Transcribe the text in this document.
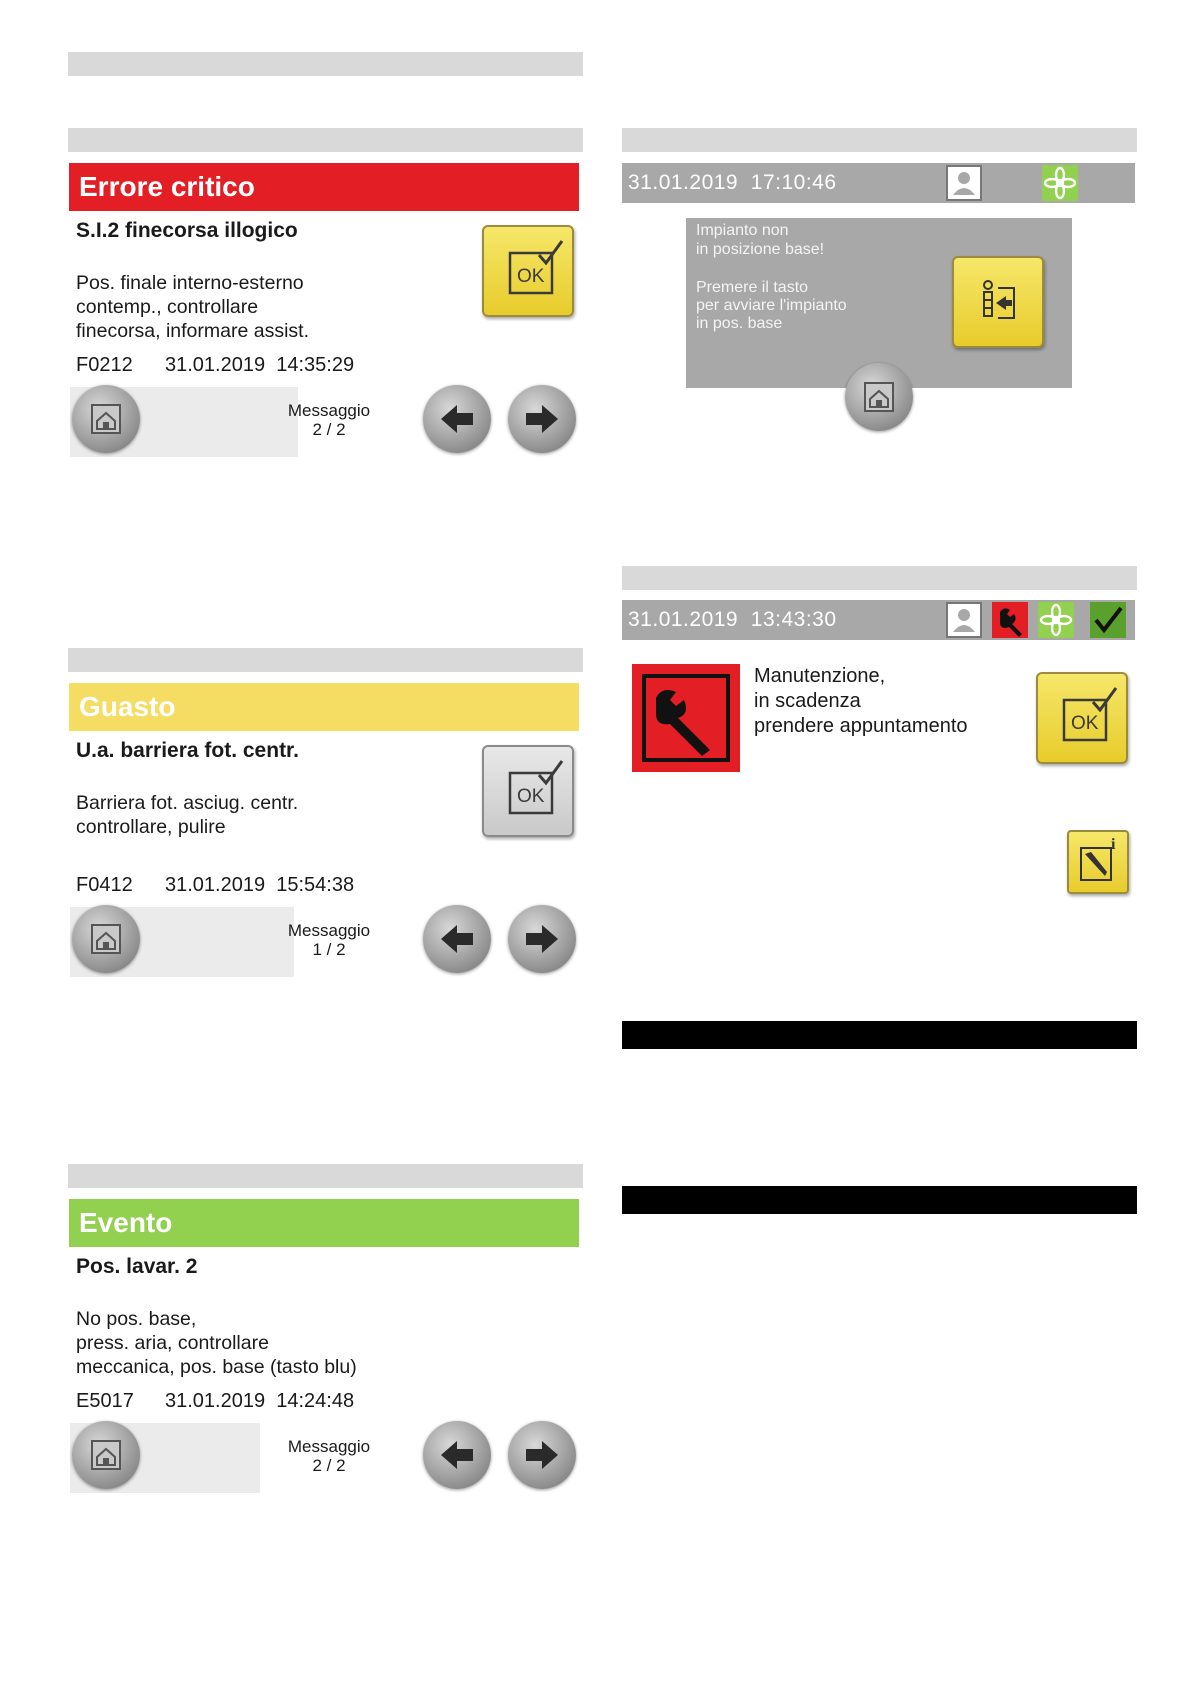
Errore critico
S.I.2 finecorsa illogico
Pos. finale interno-esterno
contemp., controllare
finecorsa, informare assist.
F0212 31.01.2019  14:35:29
Messaggio
2 / 2
OK
Guasto
U.a. barriera fot. centr.
Barriera fot. asciug. centr.
controllare, pulire
F0412 31.01.2019  15:54:38
Messaggio
1 / 2
OK
Evento
Pos. lavar. 2
No pos. base,
press. aria, controllare
meccanica, pos. base (tasto blu)
E5017 31.01.2019  14:24:48
Messaggio
2 / 2
31.01.2019  17:10:46
Impianto non
in posizione base!
Premere il tasto
per avviare l'impianto
in pos. base
31.01.2019  13:43:30
Manutenzione,
in scadenza
prendere appuntamento	OK
i
